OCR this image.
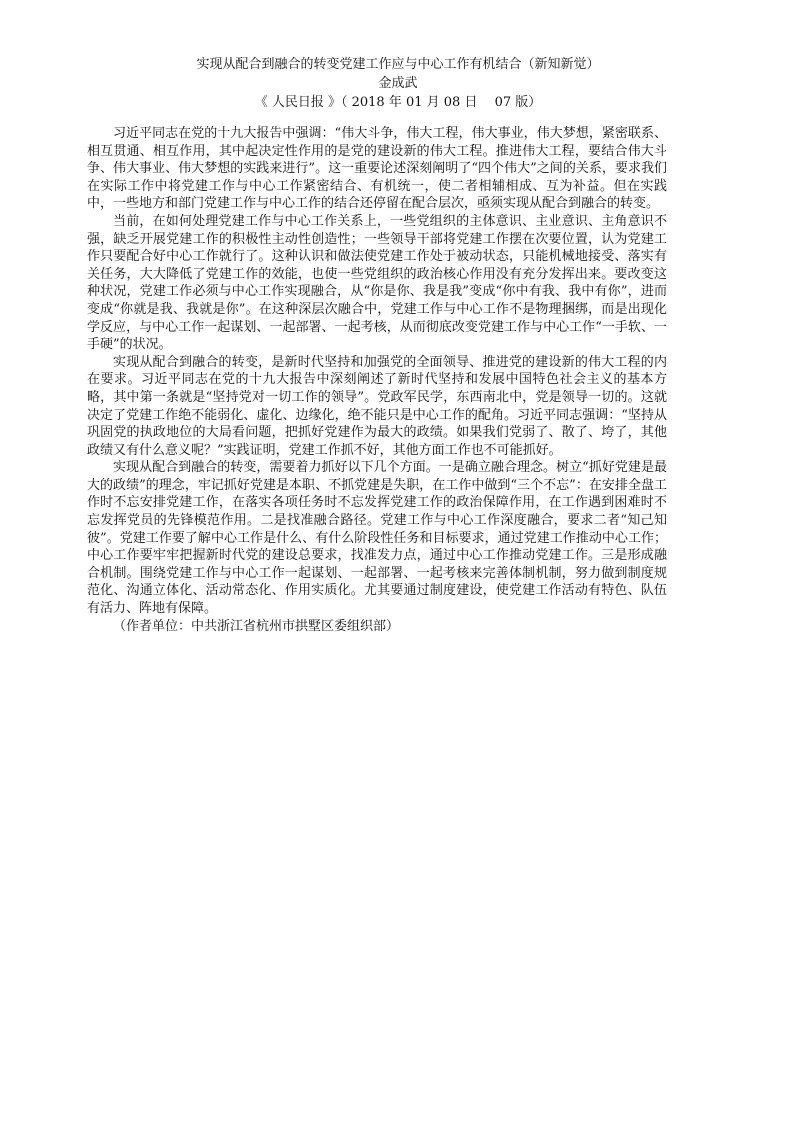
实现从配合到融合的转变党建工作应与中心工作有机结合（新知新觉）
金成武
《 人民日报 》（ 2018 年 01 月 08 日　 07 版）

习近平同志在党的十九大报告中强调：“伟大斗争，伟大工程，伟大事业，伟大梦想，紧密联系、相互贯通、相互作用，其中起决定性作用的是党的建设新的伟大工程。推进伟大工程，要结合伟大斗争、伟大事业、伟大梦想的实践来进行”。这一重要论述深刻阐明了“四个伟大”之间的关系，要求我们在实际工作中将党建工作与中心工作紧密结合、有机统一，使二者相辅相成、互为补益。但在实践中，一些地方和部门党建工作与中心工作的结合还停留在配合层次，亟须实现从配合到融合的转变。

当前，在如何处理党建工作与中心工作关系上，一些党组织的主体意识、主业意识、主角意识不强，缺乏开展党建工作的积极性主动性创造性；一些领导干部将党建工作摆在次要位置，认为党建工作只要配合好中心工作就行了。这种认识和做法使党建工作处于被动状态，只能机械地接受、落实有关任务，大大降低了党建工作的效能，也使一些党组织的政治核心作用没有充分发挥出来。要改变这种状况，党建工作必须与中心工作实现融合，从“你是你、我是我”变成“你中有我、我中有你”，进而变成“你就是我、我就是你”。在这种深层次融合中，党建工作与中心工作不是物理捆绑，而是出现化学反应，与中心工作一起谋划、一起部署、一起考核，从而彻底改变党建工作与中心工作“一手软、一手硬”的状况。

实现从配合到融合的转变，是新时代坚持和加强党的全面领导、推进党的建设新的伟大工程的内在要求。习近平同志在党的十九大报告中深刻阐述了新时代坚持和发展中国特色社会主义的基本方略，其中第一条就是“坚持党对一切工作的领导”。党政军民学，东西南北中，党是领导一切的。这就决定了党建工作绝不能弱化、虚化、边缘化，绝不能只是中心工作的配角。习近平同志强调：“坚持从巩固党的执政地位的大局看问题，把抓好党建作为最大的政绩。如果我们党弱了、散了、垮了，其他政绩又有什么意义呢？”实践证明，党建工作抓不好，其他方面工作也不可能抓好。

实现从配合到融合的转变，需要着力抓好以下几个方面。一是确立融合理念。树立“抓好党建是最大的政绩”的理念，牢记抓好党建是本职、不抓党建是失职，在工作中做到“三个不忘”：在安排全盘工作时不忘安排党建工作，在落实各项任务时不忘发挥党建工作的政治保障作用，在工作遇到困难时不忘发挥党员的先锋模范作用。二是找准融合路径。党建工作与中心工作深度融合，要求二者“知己知彼”。党建工作要了解中心工作是什么、有什么阶段性任务和目标要求，通过党建工作推动中心工作；中心工作要牢牢把握新时代党的建设总要求，找准发力点，通过中心工作推动党建工作。三是形成融合机制。围绕党建工作与中心工作一起谋划、一起部署、一起考核来完善体制机制，努力做到制度规范化、沟通立体化、活动常态化、作用实质化。尤其要通过制度建设，使党建工作活动有特色、队伍有活力、阵地有保障。

（作者单位：中共浙江省杭州市拱墅区委组织部）
